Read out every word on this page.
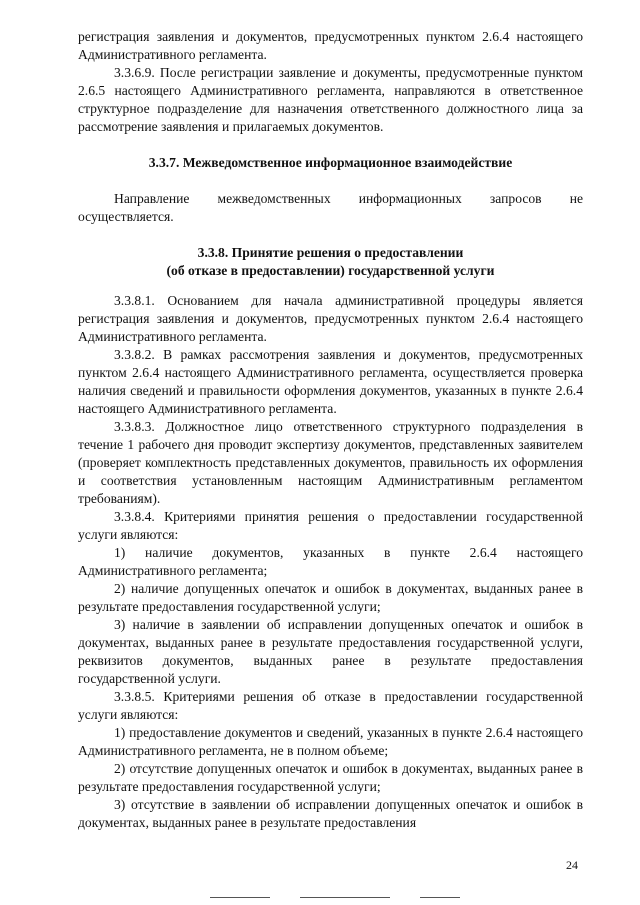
регистрация заявления и документов, предусмотренных пунктом 2.6.4 настоящего Административного регламента.

3.3.6.9. После регистрации заявление и документы, предусмотренные пунктом 2.6.5 настоящего Административного регламента, направляются в ответственное структурное подразделение для назначения ответственного должностного лица за рассмотрение заявления и прилагаемых документов.

3.3.7. Межведомственное информационное взаимодействие

Направление межведомственных информационных запросов не осуществляется.

3.3.8. Принятие решения о предоставлении

(об отказе в предоставлении) государственной услуги

3.3.8.1. Основанием для начала административной процедуры является регистрация заявления и документов, предусмотренных пунктом 2.6.4 настоящего Административного регламента.

3.3.8.2. В рамках рассмотрения заявления и документов, предусмотренных пунктом 2.6.4 настоящего Административного регламента, осуществляется проверка наличия сведений и правильности оформления документов, указанных в пункте 2.6.4 настоящего Административного регламента.

3.3.8.3. Должностное лицо ответственного структурного подразделения в течение 1 рабочего дня проводит экспертизу документов, представленных заявителем (проверяет комплектность представленных документов, правильность их оформления и соответствия установленным настоящим Административным регламентом требованиям).

3.3.8.4. Критериями принятия решения о предоставлении государственной услуги являются:

1) наличие документов, указанных в пункте 2.6.4 настоящего Административного регламента;

2) наличие допущенных опечаток и ошибок в документах, выданных ранее в результате предоставления государственной услуги;

3) наличие в заявлении об исправлении допущенных опечаток и ошибок в документах, выданных ранее в результате предоставления государственной услуги, реквизитов документов, выданных ранее в результате предоставления государственной услуги.

3.3.8.5. Критериями решения об отказе в предоставлении государственной услуги являются:

1) предоставление документов и сведений, указанных в пункте 2.6.4 настоящего Административного регламента, не в полном объеме;

2) отсутствие допущенных опечаток и ошибок в документах, выданных ранее в результате предоставления государственной услуги;

3) отсутствие в заявлении об исправлении допущенных опечаток и ошибок в документах, выданных ранее в результате предоставления

24
